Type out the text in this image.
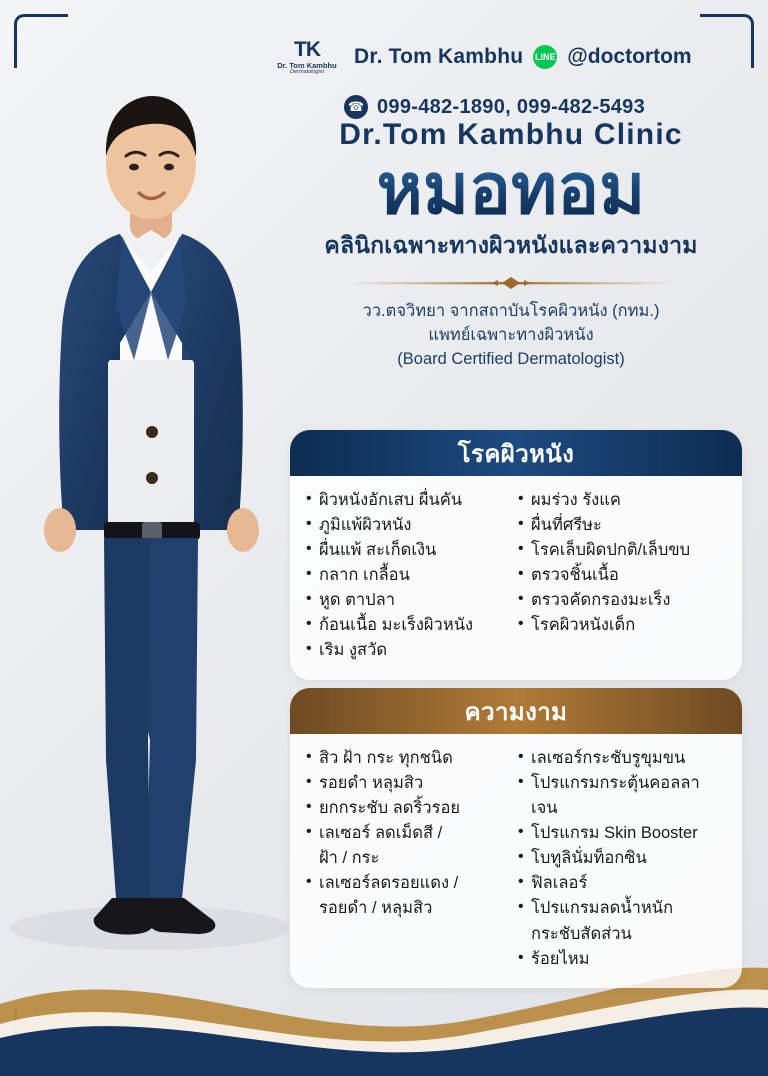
TK
Dr. Tom Kambhu
Dermatologist
Dr. Tom Kambhu LINE @doctortom
☎ 099-482-1890, 099-482-5493
Dr.Tom Kambhu Clinic
หมอทอม
คลินิกเฉพาะทางผิวหนังและความงาม
วว.ตจวิทยา จากสถาบันโรคผิวหนัง (กทม.)
แพทย์เฉพาะทางผิวหนัง
(Board Certified Dermatologist)
โรคผิวหนัง
• ผิวหนังอักเสบ ผื่นคัน
• ภูมิแพ้ผิวหนัง
• ผื่นแพ้ สะเก็ดเงิน
• กลาก เกลื้อน
• หูด ตาปลา
• ก้อนเนื้อ มะเร็งผิวหนัง
• เริม งูสวัด
• ผมร่วง รังแค
• ผื่นที่ศรีษะ
• โรคเล็บผิดปกติ/เล็บขบ
• ตรวจชิ้นเนื้อ
• ตรวจคัดกรองมะเร็ง
• โรคผิวหนังเด็ก
ความงาม
• สิว ฝ้า กระ ทุกชนิด
• รอยดำ หลุมสิว
• ยกกระชับ ลดริ้วรอย
• เลเซอร์ ลดเม็ดสี /
ฝ้า / กระ
• เลเซอร์ลดรอยแดง /
รอยดำ / หลุมสิว
• เลเซอร์กระชับรูขุมขน
• โปรแกรมกระตุ้นคอลลาเจน
• โปรแกรม Skin Booster
• โบทูลินั่มท็อกซิน
• ฟิลเลอร์
• โปรแกรมลดน้ำหนัก
กระชับสัดส่วน
• ร้อยไหม
